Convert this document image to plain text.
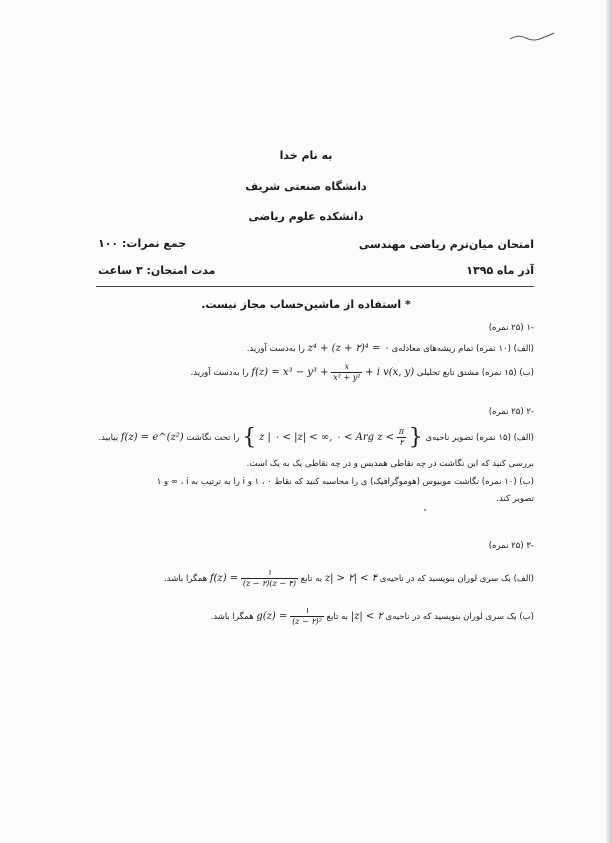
به نام خدا
دانشگاه صنعتی شریف
دانشکده علوم ریاضی
امتحان میان‌ترم ریاضی مهندسی
جمع نمرات: ۱۰۰
آذر ماه ۱۳۹۵
مدت امتحان: ۳ ساعت
* استفاده از ماشین‌حساب مجاز نیست.
-۱ (۲۵ نمره)
(الف) (۱۰ نمره) تمام ریشه‌های معادله‌ی z⁴ + (z + ۲)⁴ = ۰ را به‌دست آورید.
(ب) (۱۵ نمره) مشتق تابع تحلیلی $f(z) = x^3 - y^3 + \frac{x}{\text{x² + y²}} + i$ v(x, y) را به‌دست آورید.
-۲ (۲۵ نمره)
(الف) (۱۵ نمره) تصویر ناحیه‌ی { z | ۰ < |z| < ∞, ۰ < Arg $z < \frac{\pi}{۲}$ } را تحت نگاشت f(z) = e^(z²) بیابید.
بررسی کنید که این نگاشت در چه نقاطی همدیس و در چه نقاطی یک به یک است.
(ب) (۱۰ نمره) نگاشت موبیوس (هوموگرافیک) ی را محاسبه کنید که نقاط ۰ ، ۱ و i را به ترتیب به i ، ∞ و ۱
تصویر کند.
-۳ (۲۵ نمره)
(الف) یک سری لوران بنویسید که در ناحیه‌ی ۴ > |z| > ۲ به تابع $f(z) = \frac{۱}{(z - ۲)(z - ۴)}$
همگرا باشد.
(ب) یک سری لوران بنویسید که در ناحیه‌ی ۲ > |z| به تابع $g(z) = \frac{۱}{\text{(z − ۲)²}}$
همگرا باشد.
